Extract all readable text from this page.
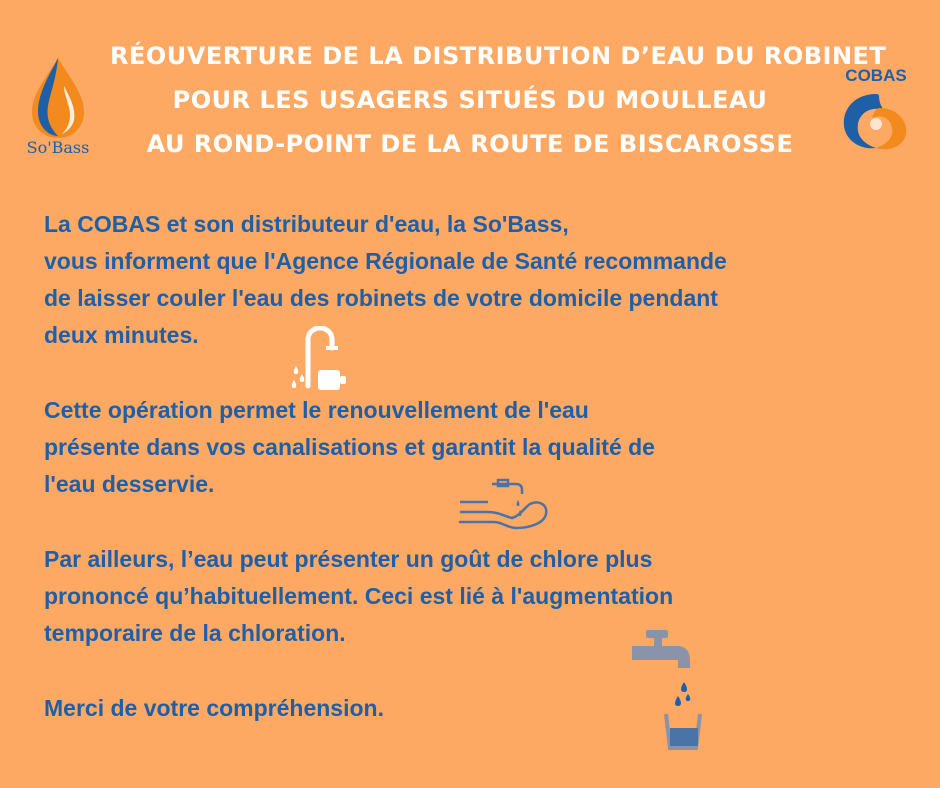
RÉOUVERTURE DE LA DISTRIBUTION D’EAU DU ROBINET
POUR LES USAGERS SITUÉS DU MOULLEAU
AU ROND-POINT DE LA ROUTE DE BISCAROSSE
So'Bass
COBAS

La COBAS et son distributeur d'eau, la So'Bass,
vous informent que l'Agence Régionale de Santé recommande
de laisser couler l'eau des robinets de votre domicile pendant
deux minutes.

Cette opération permet le renouvellement de l'eau
présente dans vos canalisations et garantit la qualité de
l'eau desservie.

Par ailleurs, l’eau peut présenter un goût de chlore plus
prononcé qu’habituellement. Ceci est lié à l'augmentation
temporaire de la chloration.

Merci de votre compréhension.
